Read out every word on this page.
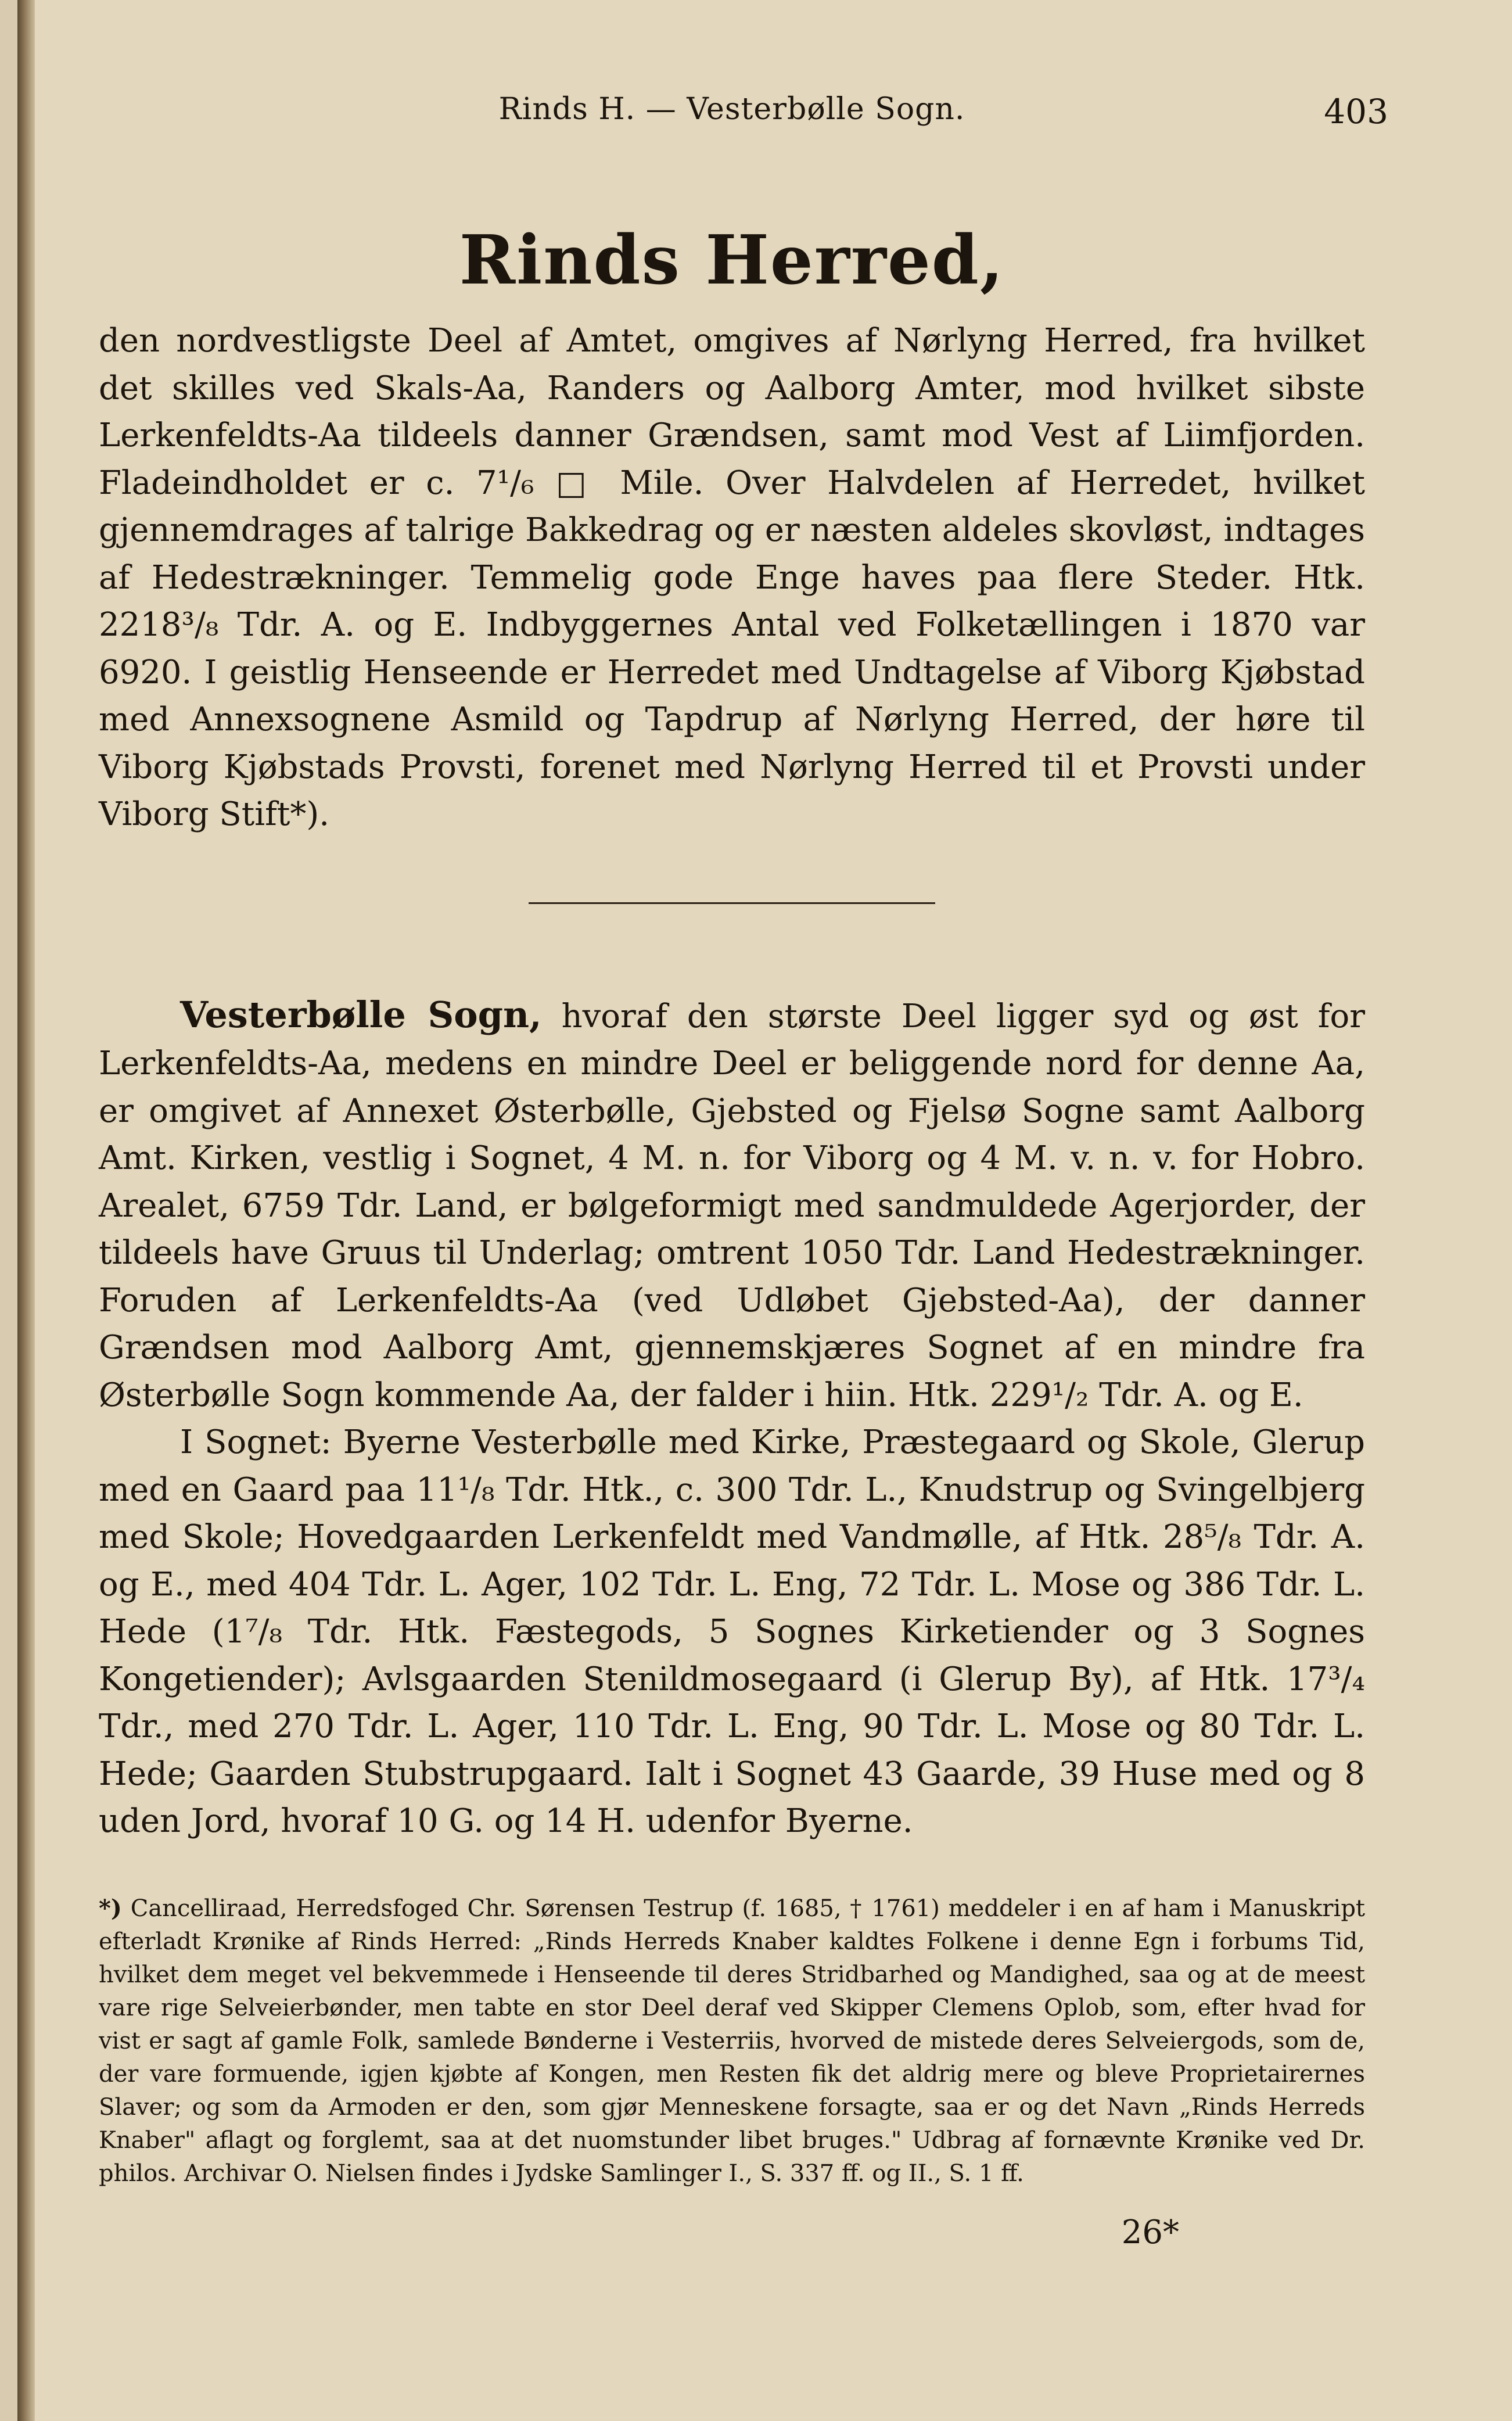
Rinds H. — Vesterbølle Sogn.	403
Rinds Herred,

den nordvestligste Deel af Amtet, omgives af Nørlyng Herred, fra hvilket det skilles ved Skals-Aa, Randers og Aalborg Amter, mod hvilket sibste Lerkenfeldts-Aa tildeels danner Grændsen, samt mod Vest af Liimfjorden. Fladeindholdet er c. 7¹/₆ □ Mile. Over Halvdelen af Herredet, hvilket gjennemdrages af talrige Bakkedrag og er næsten aldeles skovløst, indtages af Hedestrækninger. Temmelig gode Enge haves paa flere Steder. Htk. 2218³/₈ Tdr. A. og E. Indbyggernes Antal ved Folketællingen i 1870 var 6920. I geistlig Henseende er Herredet med Undtagelse af Viborg Kjøbstad med Annexsognene Asmild og Tapdrup af Nørlyng Herred, der høre til Viborg Kjøbstads Provsti, forenet med Nørlyng Herred til et Provsti under Viborg Stift*).

Vesterbølle Sogn, hvoraf den største Deel ligger syd og øst for Lerkenfeldts-Aa, medens en mindre Deel er beliggende nord for denne Aa, er omgivet af Annexet Østerbølle, Gjebsted og Fjelsø Sogne samt Aalborg Amt. Kirken, vestlig i Sognet, 4 M. n. for Viborg og 4 M. v. n. v. for Hobro. Arealet, 6759 Tdr. Land, er bølgeformigt med sandmuldede Agerjorder, der tildeels have Gruus til Underlag; omtrent 1050 Tdr. Land Hedestrækninger. Foruden af Lerkenfeldts-Aa (ved Udløbet Gjebsted-Aa), der danner Grændsen mod Aalborg Amt, gjennemskjæres Sognet af en mindre fra Østerbølle Sogn kommende Aa, der falder i hiin. Htk. 229¹/₂ Tdr. A. og E.

I Sognet: Byerne Vesterbølle med Kirke, Præstegaard og Skole, Glerup med en Gaard paa 11¹/₈ Tdr. Htk., c. 300 Tdr. L., Knudstrup og Svingelbjerg med Skole; Hovedgaarden Lerkenfeldt med Vandmølle, af Htk. 28⁵/₈ Tdr. A. og E., med 404 Tdr. L. Ager, 102 Tdr. L. Eng, 72 Tdr. L. Mose og 386 Tdr. L. Hede (1⁷/₈ Tdr. Htk. Fæstegods, 5 Sognes Kirketiender og 3 Sognes Kongetiender); Avlsgaarden Stenildmosegaard (i Glerup By), af Htk. 17³/₄ Tdr., med 270 Tdr. L. Ager, 110 Tdr. L. Eng, 90 Tdr. L. Mose og 80 Tdr. L. Hede; Gaarden Stubstrupgaard. Ialt i Sognet 43 Gaarde, 39 Huse med og 8 uden Jord, hvoraf 10 G. og 14 H. udenfor Byerne.

*) Cancelliraad, Herredsfoged Chr. Sørensen Testrup (f. 1685, † 1761) meddeler i en af ham i Manuskript efterladt Krønike af Rinds Herred: „Rinds Herreds Knaber kaldtes Folkene i denne Egn i forbums Tid, hvilket dem meget vel bekvemmede i Henseende til deres Stridbarhed og Mandighed, saa og at de meest vare rige Selveierbønder, men tabte en stor Deel deraf ved Skipper Clemens Oplob, som, efter hvad for vist er sagt af gamle Folk, samlede Bønderne i Vesterriis, hvorved de mistede deres Selveiergods, som de, der vare formuende, igjen kjøbte af Kongen, men Resten fik det aldrig mere og bleve Proprietairernes Slaver; og som da Armoden er den, som gjør Menneskene forsagte, saa er og det Navn „Rinds Herreds Knaber" aflagt og forglemt, saa at det nuomstunder libet bruges." Udbrag af fornævnte Krønike ved Dr. philos. Archivar O. Nielsen findes i Jydske Samlinger I., S. 337 ff. og II., S. 1 ff.

26*
